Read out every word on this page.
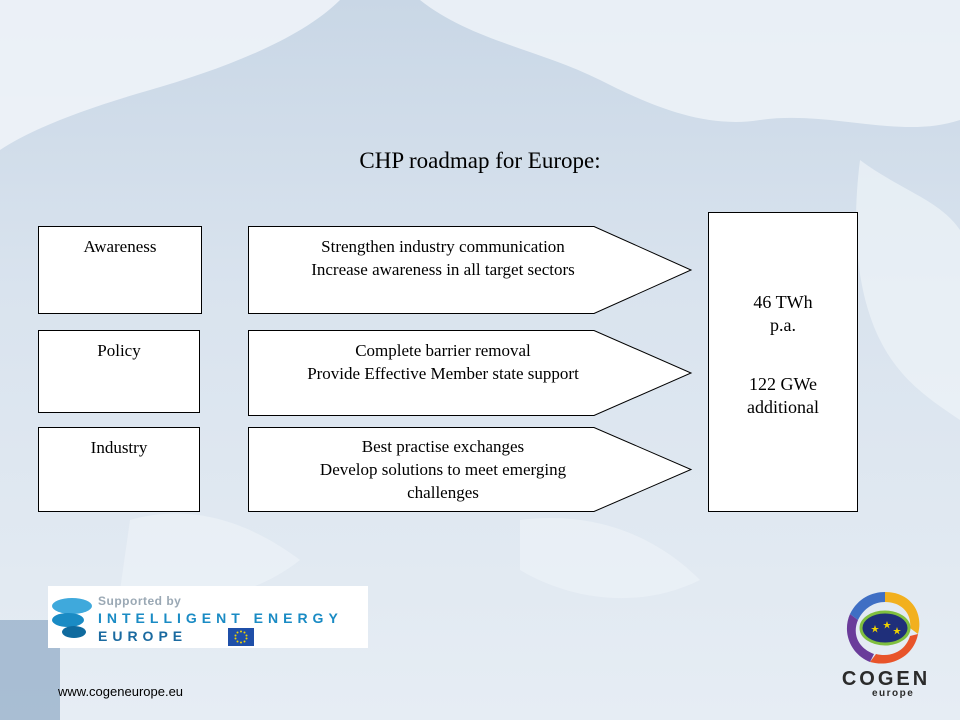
CHP roadmap for Europe:
Awareness	Strengthen industry communication
Increase awareness in all target sectors
Policy	Complete barrier removal
Provide Effective Member state support
Industry	Best practise exchanges
Develop solutions to meet emerging
challenges
46 TWh
p.a.
122 GWe
additional
Supported by
INTELLIGENT ENERGY
EUROPE
www.cogeneurope.eu
COGEN
europe
